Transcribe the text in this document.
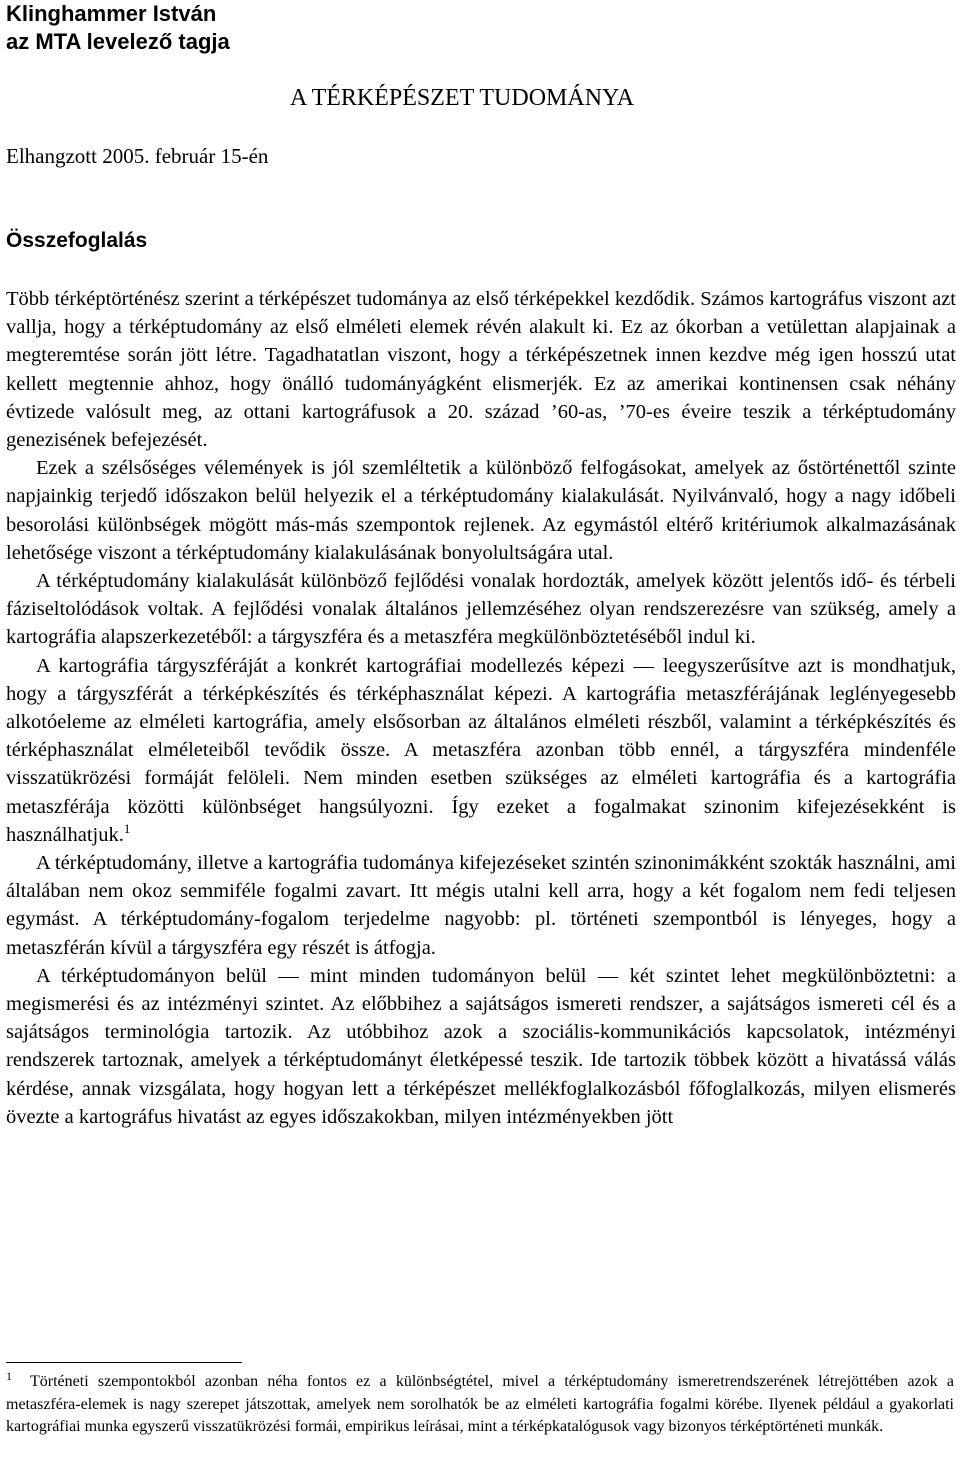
Klinghammer István
az MTA levelező tagja
A TÉRKÉPÉSZET TUDOMÁNYA
Elhangzott 2005. február 15-én
Összefoglalás

Több térképtörténész szerint a térképészet tudománya az első térképekkel kezdődik. Számos kartográfus viszont azt vallja, hogy a térképtudomány az első elméleti elemek révén alakult ki. Ez az ókorban a vetülettan alapjainak a megteremtése során jött létre. Tagadhatatlan viszont, hogy a térképészetnek innen kezdve még igen hosszú utat kellett megtennie ahhoz, hogy önálló tudományágként elismerjék. Ez az amerikai kontinensen csak néhány évtizede valósult meg, az ottani kartográfusok a 20. század ’60-as, ’70-es éveire teszik a térképtudomány genezisének befejezését.

Ezek a szélsőséges vélemények is jól szemléltetik a különböző felfogásokat, amelyek az őstörténettől szinte napjainkig terjedő időszakon belül helyezik el a térképtudomány kialakulását. Nyilvánvaló, hogy a nagy időbeli besorolási különbségek mögött más-más szempontok rejlenek. Az egymástól eltérő kritériumok alkalmazásának lehetősége viszont a térképtudomány kialakulásának bonyolultságára utal.

A térképtudomány kialakulását különböző fejlődési vonalak hordozták, amelyek között jelentős idő- és térbeli fáziseltolódások voltak. A fejlődési vonalak általános jellemzéséhez olyan rendszerezésre van szükség, amely a kartográfia alapszerkezetéből: a tárgyszféra és a metaszféra megkülönböztetéséből indul ki.

A kartográfia tárgyszféráját a konkrét kartográfiai modellezés képezi — leegyszerűsítve azt is mondhatjuk, hogy a tárgyszférát a térképkészítés és térképhasználat képezi. A kartográfia metaszférájának leglényegesebb alkotóeleme az elméleti kartográfia, amely elsősorban az általános elméleti részből, valamint a térképkészítés és térképhasználat elméleteiből tevődik össze. A metaszféra azonban több ennél, a tárgyszféra mindenféle visszatükrözési formáját felöleli. Nem minden esetben szükséges az elméleti kartográfia és a kartográfia metaszférája közötti különbséget hangsúlyozni. Így ezeket a fogalmakat szinonim kifejezésekként is használhatjuk.$^1$

A térképtudomány, illetve a kartográfia tudománya kifejezéseket szintén szinonimákként szokták használni, ami általában nem okoz semmiféle fogalmi zavart. Itt mégis utalni kell arra, hogy a két fogalom nem fedi teljesen egymást. A térképtudomány-fogalom terjedelme nagyobb: pl. történeti szempontból is lényeges, hogy a metaszférán kívül a tárgyszféra egy részét is átfogja.

A térképtudományon belül — mint minden tudományon belül — két szintet lehet megkülönböztetni: a megismerési és az intézményi szintet. Az előbbihez a sajátságos ismereti rendszer, a sajátságos ismereti cél és a sajátságos terminológia tartozik. Az utóbbihoz azok a szociális-kommunikációs kapcsolatok, intézményi rendszerek tartoznak, amelyek a térképtudományt életképessé teszik. Ide tartozik többek között a hivatássá válás kérdése, annak vizsgálata, hogy hogyan lett a térképészet mellékfoglalkozásból főfoglalkozás, milyen elismerés övezte a kartográfus hivatást az egyes időszakokban, milyen intézményekben jött

$^1$ Történeti szempontokból azonban néha fontos ez a különbségtétel, mivel a térképtudomány ismeretrendszerének létrejöttében azok a metaszféra-elemek is nagy szerepet játszottak, amelyek nem sorolhatók be az elméleti kartográfia fogalmi körébe. Ilyenek például a gyakorlati kartográfiai munka egyszerű visszatükrözési formái, empirikus leírásai, mint a térképkatalógusok vagy bizonyos térképtörténeti munkák.
